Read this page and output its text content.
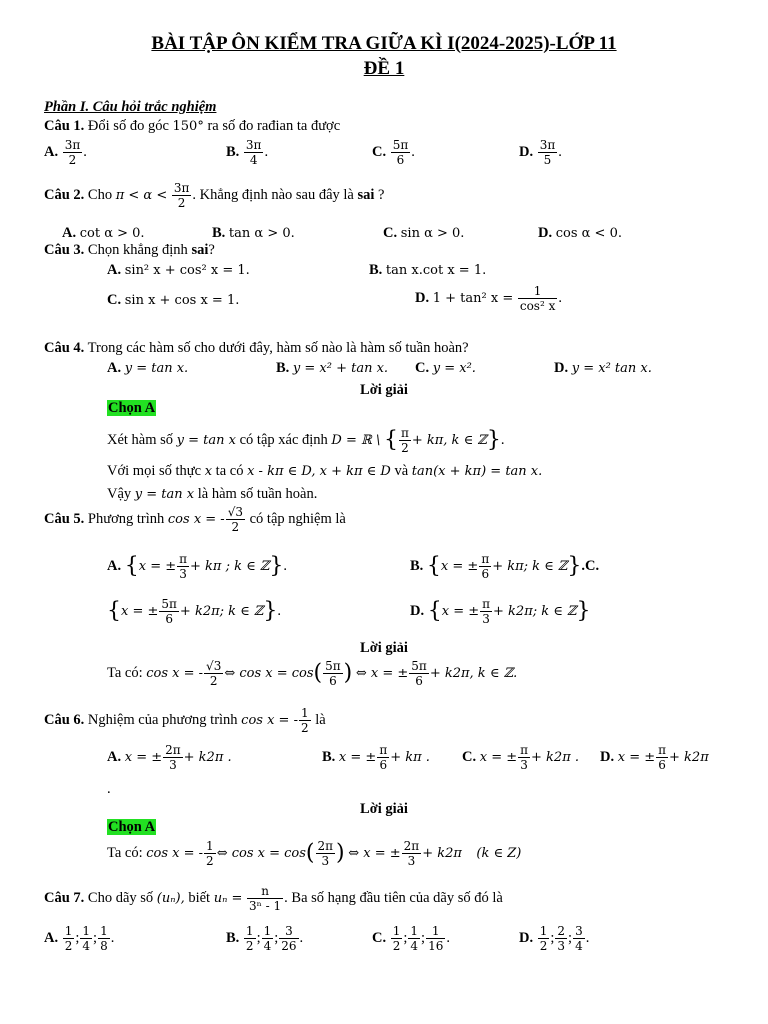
BÀI TẬP ÔN KIỂM TRA GIỮA KÌ I(2024-2025)-LỚP 11
ĐỀ 1
Phần I. Câu hỏi trắc nghiệm
Câu 1. Đổi số đo góc 150° ra số đo rađian ta được
A. $\frac{3\pi}{2}$ .	B. $\frac{3\pi}{4}$ .	C. $\frac{5\pi}{6}$ .	D. $\frac{3\pi}{5}$ .
Câu 2. Cho $\pi < \alpha < \frac{3\pi}{2}$ . Khẳng định nào sau đây là sai ?
A. cot α > 0.	B. tan α > 0.	C. sin α > 0.	D. cos α < 0.
Câu 3. Chọn khẳng định sai?
A. sin² x + cos² x = 1.	B. tan x.cot x = 1.
C. sin x + cos x = 1.	D. 1 + tan² $x = \frac{1}{\text{cos² x}}$ .
Câu 4. Trong các hàm số cho dưới đây, hàm số nào là hàm số tuần hoàn?
A. y = tan x.	B. y = x² + tan x. C. y = x².	D. y = x² tan x.
Lời giải
Chọn A
Xét hàm số y = tan x có tập xác định D = ℝ \ { $\frac{\pi}{2} + k\pi$, k ∈ ℤ}.
Với mọi số thực x ta có x - kπ ∈ D, x + kπ ∈ D và tan(x + kπ) = tan x.
Vậy y = tan x là hàm số tuần hoàn.
Câu 5. Phương trình cos x = - $\frac{√3}{2}$ có tập nghiệm là
A. {x = ± $\frac{\pi}{3} + k\pi$ ; k ∈ ℤ}.	B. {x = ± $\frac{\pi}{6} + k\pi$; k ∈ ℤ}.C.
{x = ± $\frac{5\pi}{6} + k2\pi$; k ∈ ℤ}.	D. {x = ± $\frac{\pi}{3} + k2\pi$; k ∈ ℤ}
Lời giải
Ta có: cos x = - $\frac{√3}{2}$ ⇔ $\cos x = \cos( \frac{5\pi}{6}$ ) ⇔ x = ± $\frac{5\pi}{6} + k2\pi$, k ∈ ℤ.
Câu 6. Nghiệm của phương trình cos x = - $\frac{1}{2}$ là
A. x = ± $\frac{2\pi}{3} + k2\pi$ .	B. x = ± $\frac{\pi}{6} + k\pi$ . C. x = ± $\frac{\pi}{3} + k2\pi$ . D. x = ± $\frac{\pi}{6} + k2\pi$
.
Lời giải
Chọn A
Ta có: cos x = - $\frac{1}{2}$ ⇔ $\cos x = \cos( \frac{2\pi}{3}$ ) ⇔ x = ± $\frac{2\pi}{3} + k2\pi$ (k ∈ Z)
Câu 7. Cho dãy số (uₙ), biết $u_n = \frac{n}{\text{3ⁿ - 1}}$ . Ba số hạng đầu tiên của dãy số đó là
A. $\frac{1}{2}$ ; $\frac{1}{4}$ ; $\frac{1}{8}$ .	B. $\frac{1}{2}$ ; $\frac{1}{4}$ ; $\frac{3}{26}$ .	C. $\frac{1}{2}$ ; $\frac{1}{4}$ ; $\frac{1}{16}$ .	D. $\frac{1}{2}$ ; $\frac{2}{3}$ ; $\frac{3}{4}$ .
